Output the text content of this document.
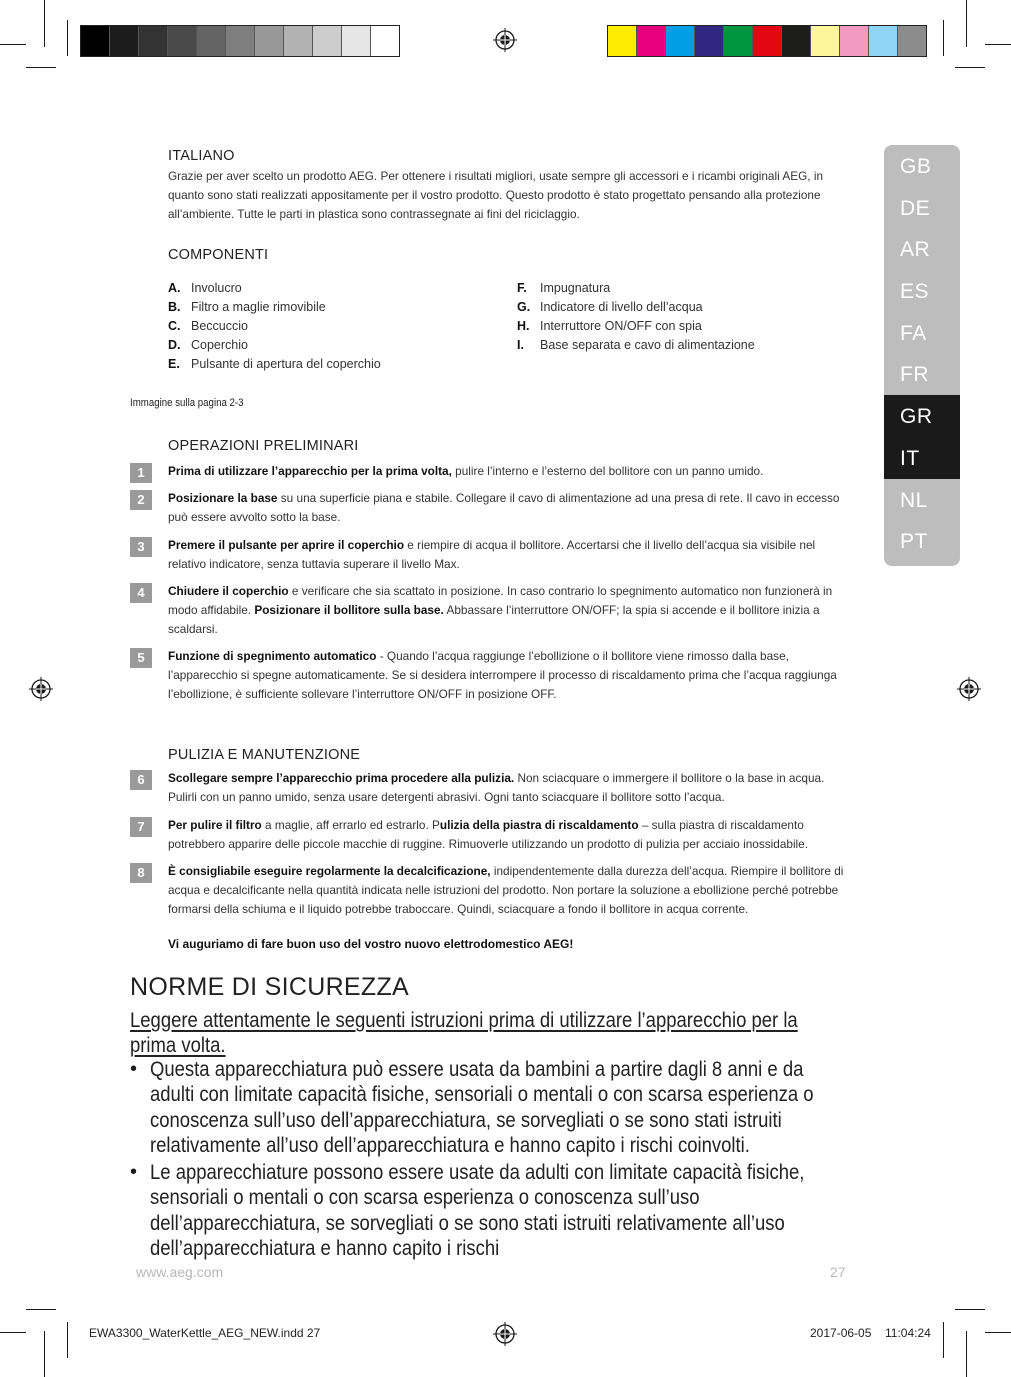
GB
DE
AR
ES
FA
FR
GR
IT
NL
PT
ITALIANO
Grazie per aver scelto un prodotto AEG. Per ottenere i risultati migliori, usate sempre gli accessori e i ricambi originali AEG, in quanto sono stati realizzati appositamente per il vostro prodotto. Questo prodotto è stato progettato pensando alla protezione all’ambiente. Tutte le parti in plastica sono contrassegnate ai fini del riciclaggio.
COMPONENTI
A. Involucro
B. Filtro a maglie rimovibile
C. Beccuccio
D. Coperchio
E. Pulsante di apertura del coperchio
F.	Impugnatura
G. Indicatore di livello dell’acqua
H. Interruttore ON/OFF con spia
I.	Base separata e cavo di alimentazione
Immagine sulla pagina 2-3
OPERAZIONI PRELIMINARI
1	Prima di utilizzare l’apparecchio per la prima volta, pulire l’interno e l’esterno del bollitore con un panno umido.
2	Posizionare la base su una superficie piana e stabile. Collegare il cavo di alimentazione ad una presa di rete. Il cavo in eccesso può essere avvolto sotto la base.
3	Premere il pulsante per aprire il coperchio e riempire di acqua il bollitore. Accertarsi che il livello dell’acqua sia visibile nel relativo indicatore, senza tuttavia superare il livello Max.
4	Chiudere il coperchio e verificare che sia scattato in posizione. In caso contrario lo spegnimento automatico non funzionerà in modo affidabile. Posizionare il bollitore sulla base. Abbassare l’interruttore ON/OFF; la spia si accende e il bollitore inizia a scaldarsi.
5	Funzione di spegnimento automatico - Quando l’acqua raggiunge l’ebollizione o il bollitore viene rimosso dalla base, l’apparecchio si spegne automaticamente. Se si desidera interrompere il processo di riscaldamento prima che l’acqua raggiunga l’ebollizione, è sufficiente sollevare l’interruttore ON/OFF in posizione OFF.
PULIZIA E MANUTENZIONE
6	Scollegare sempre l’apparecchio prima procedere alla pulizia. Non sciacquare o immergere il bollitore o la base in acqua. Pulirli con un panno umido, senza usare detergenti abrasivi. Ogni tanto sciacquare il bollitore sotto l’acqua.
7	Per pulire il filtro a maglie, aff errarlo ed estrarlo. Pulizia della piastra di riscaldamento – sulla piastra di riscaldamento potrebbero apparire delle piccole macchie di ruggine. Rimuoverle utilizzando un prodotto di pulizia per acciaio inossidabile.
8	È consigliabile eseguire regolarmente la decalcificazione, indipendentemente dalla durezza dell’acqua. Riempire il bollitore di acqua e decalcificante nella quantità indicata nelle istruzioni del prodotto. Non portare la soluzione a ebollizione perché potrebbe formarsi della schiuma e il liquido potrebbe traboccare. Quindi, sciacquare a fondo il bollitore in acqua corrente.
Vi auguriamo di fare buon uso del vostro nuovo elettrodomestico AEG!
NORME DI SICUREZZA
Leggere attentamente le seguenti istruzioni prima di utilizzare l’apparecchio per la prima volta.
• Questa apparecchiatura può essere usata da bambini a partire dagli 8 anni e da adulti con limitate capacità fisiche, sensoriali o mentali o con scarsa esperienza o conoscenza sull’uso dell’apparecchiatura, se sorvegliati o se sono stati istruiti relativamente all’uso dell’apparecchiatura e hanno capito i rischi coinvolti.
• Le apparecchiature possono essere usate da adulti con limitate capacità fisiche, sensoriali o mentali o con scarsa esperienza o conoscenza sull’uso dell’apparecchiatura, se sorvegliati o se sono stati istruiti relativamente all’uso dell’apparecchiatura e hanno capito i rischi
www.aeg.com	27
EWA3300_WaterKettle_AEG_NEW.indd 27	2017-06-05 11:04:24
